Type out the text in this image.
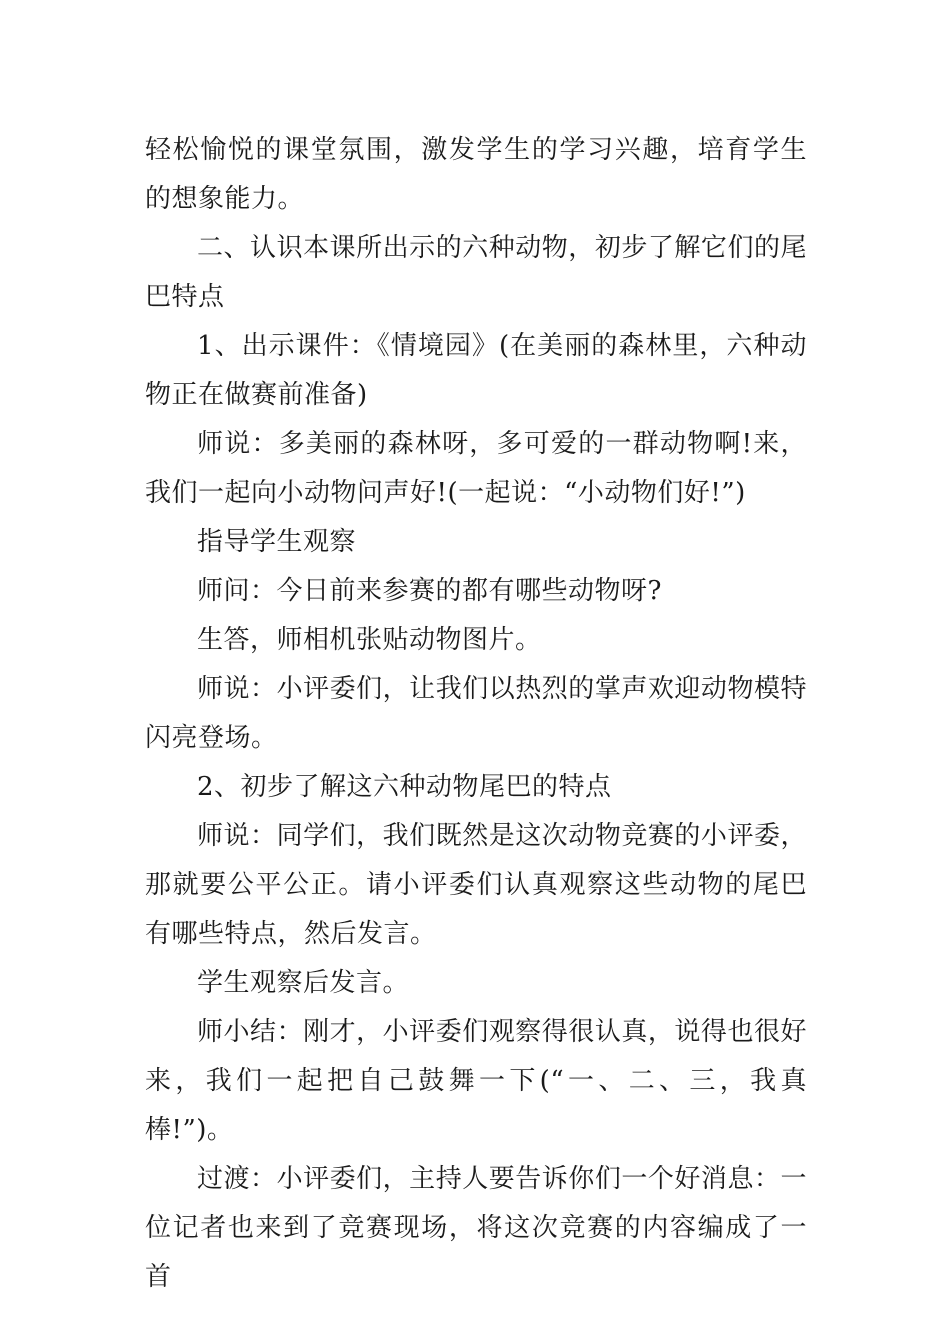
轻松愉悦的课堂氛围，激发学生的学习兴趣，培育学生的想象能力。

二、认识本课所出示的六种动物，初步了解它们的尾巴特点

1、出示课件：《情境园》(在美丽的森林里，六种动物正在做赛前准备)

师说：多美丽的森林呀，多可爱的一群动物啊!来，我们一起向小动物问声好!(一起说：“小动物们好!”)

指导学生观察

师问：今日前来参赛的都有哪些动物呀?

生答，师相机张贴动物图片。

师说：小评委们，让我们以热烈的掌声欢迎动物模特闪亮登场。

2、初步了解这六种动物尾巴的特点

师说：同学们，我们既然是这次动物竞赛的小评委，那就要公平公正。请小评委们认真观察这些动物的尾巴有哪些特点，然后发言。

学生观察后发言。

师小结：刚才，小评委们观察得很认真，说得也很好来，我们一起把自己鼓舞一下(“一、二、三，我真棒!”)。

过渡：小评委们，主持人要告诉你们一个好消息：一位记者也来到了竞赛现场，将这次竞赛的内容编成了一首
